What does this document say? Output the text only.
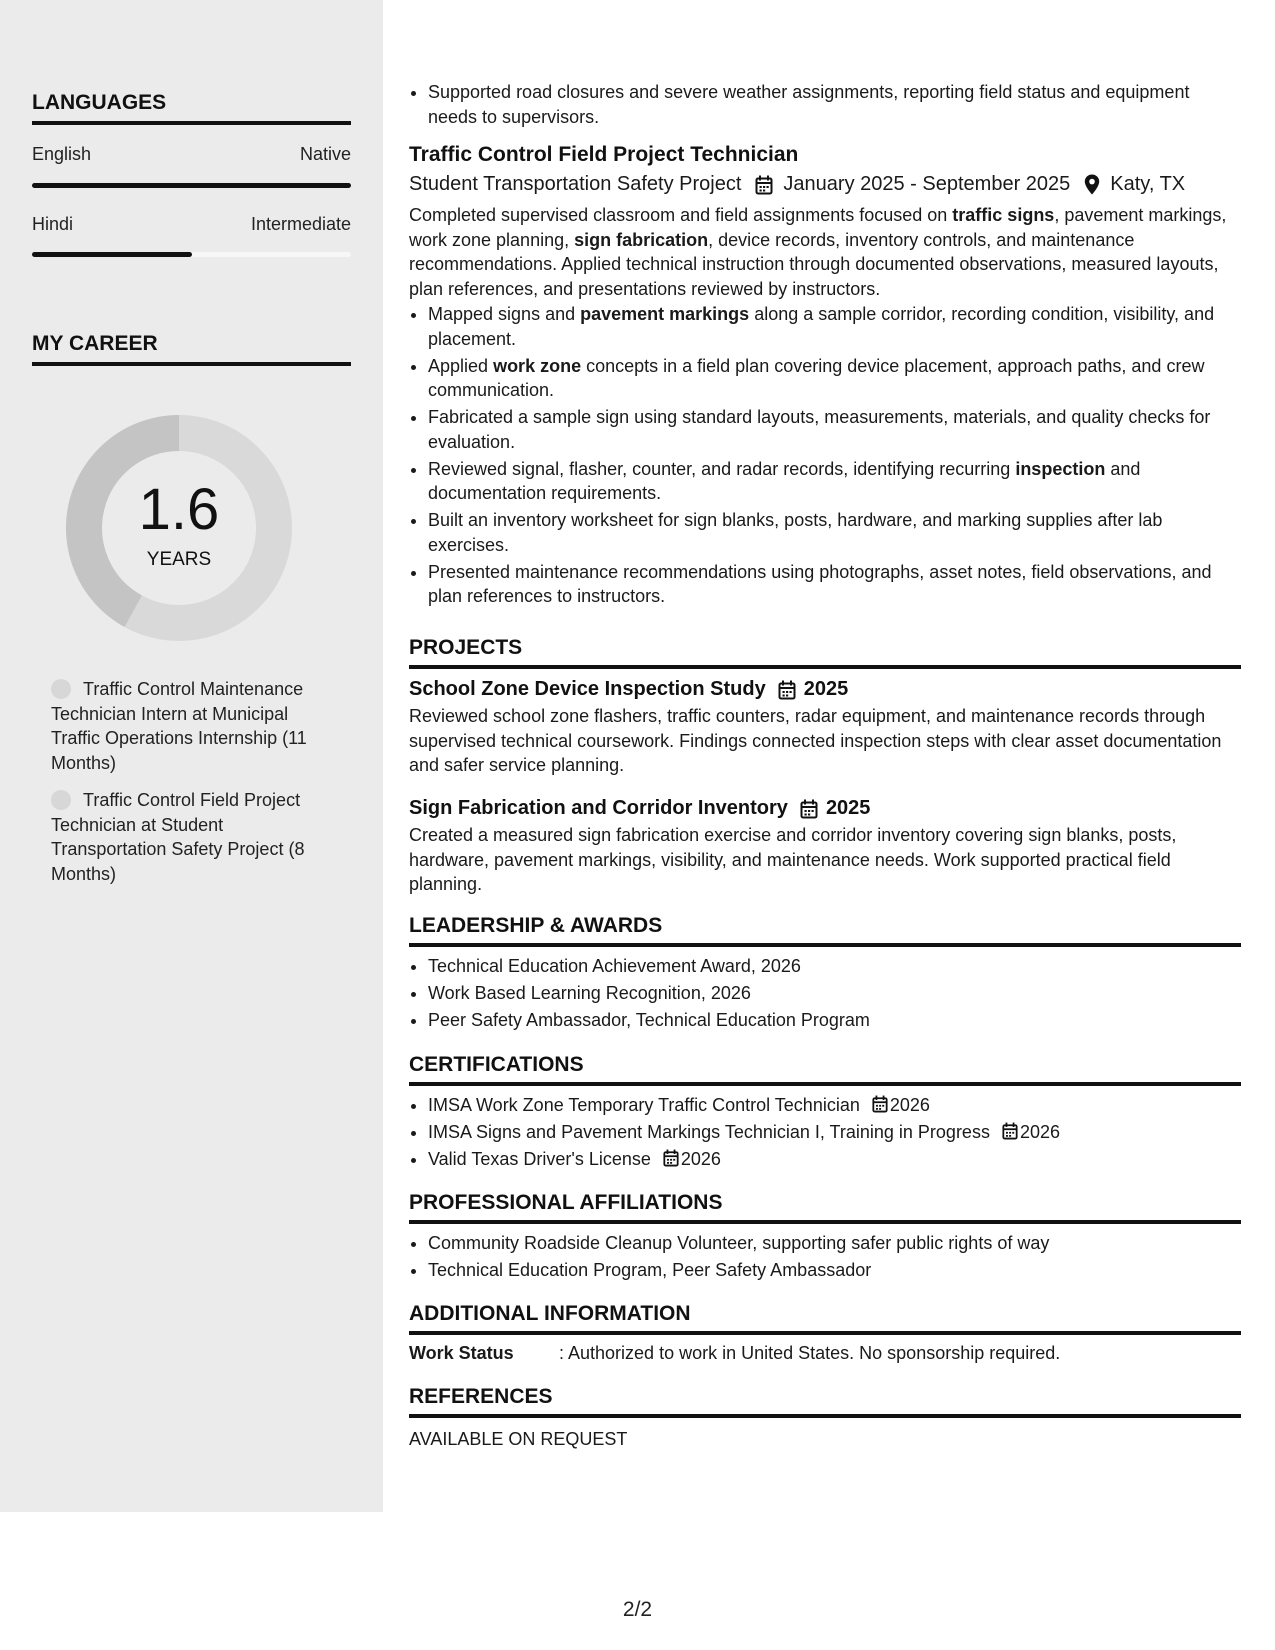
LANGUAGES
English	Native
Hindi	Intermediate
MY CAREER
1.6
YEARS
Traffic Control Maintenance Technician Intern at Municipal Traffic Operations Internship (11 Months)
Traffic Control Field Project Technician at Student Transportation Safety Project (8 Months)
• Supported road closures and severe weather assignments, reporting field status and equipment needs to supervisors.
Traffic Control Field Project Technician
Student Transportation Safety Project January 2025 - September 2025 Katy, TX
Completed supervised classroom and field assignments focused on traffic signs, pavement markings, work zone planning, sign fabrication, device records, inventory controls, and maintenance recommendations. Applied technical instruction through documented observations, measured layouts, plan references, and presentations reviewed by instructors.
• Mapped signs and pavement markings along a sample corridor, recording condition, visibility, and placement.
• Applied work zone concepts in a field plan covering device placement, approach paths, and crew communication.
• Fabricated a sample sign using standard layouts, measurements, materials, and quality checks for evaluation.
• Reviewed signal, flasher, counter, and radar records, identifying recurring inspection and documentation requirements.
• Built an inventory worksheet for sign blanks, posts, hardware, and marking supplies after lab exercises.
• Presented maintenance recommendations using photographs, asset notes, field observations, and plan references to instructors.
PROJECTS
School Zone Device Inspection Study 2025
Reviewed school zone flashers, traffic counters, radar equipment, and maintenance records through supervised technical coursework. Findings connected inspection steps with clear asset documentation and safer service planning.
Sign Fabrication and Corridor Inventory 2025
Created a measured sign fabrication exercise and corridor inventory covering sign blanks, posts, hardware, pavement markings, visibility, and maintenance needs. Work supported practical field planning.
LEADERSHIP & AWARDS
• Technical Education Achievement Award, 2026
• Work Based Learning Recognition, 2026
• Peer Safety Ambassador, Technical Education Program
CERTIFICATIONS
• IMSA Work Zone Temporary Traffic Control Technician 2026
• IMSA Signs and Pavement Markings Technician I, Training in Progress 2026
• Valid Texas Driver's License 2026
PROFESSIONAL AFFILIATIONS
• Community Roadside Cleanup Volunteer, supporting safer public rights of way
• Technical Education Program, Peer Safety Ambassador
ADDITIONAL INFORMATION
Work Status	: Authorized to work in United States. No sponsorship required.
REFERENCES
AVAILABLE ON REQUEST
2/2
